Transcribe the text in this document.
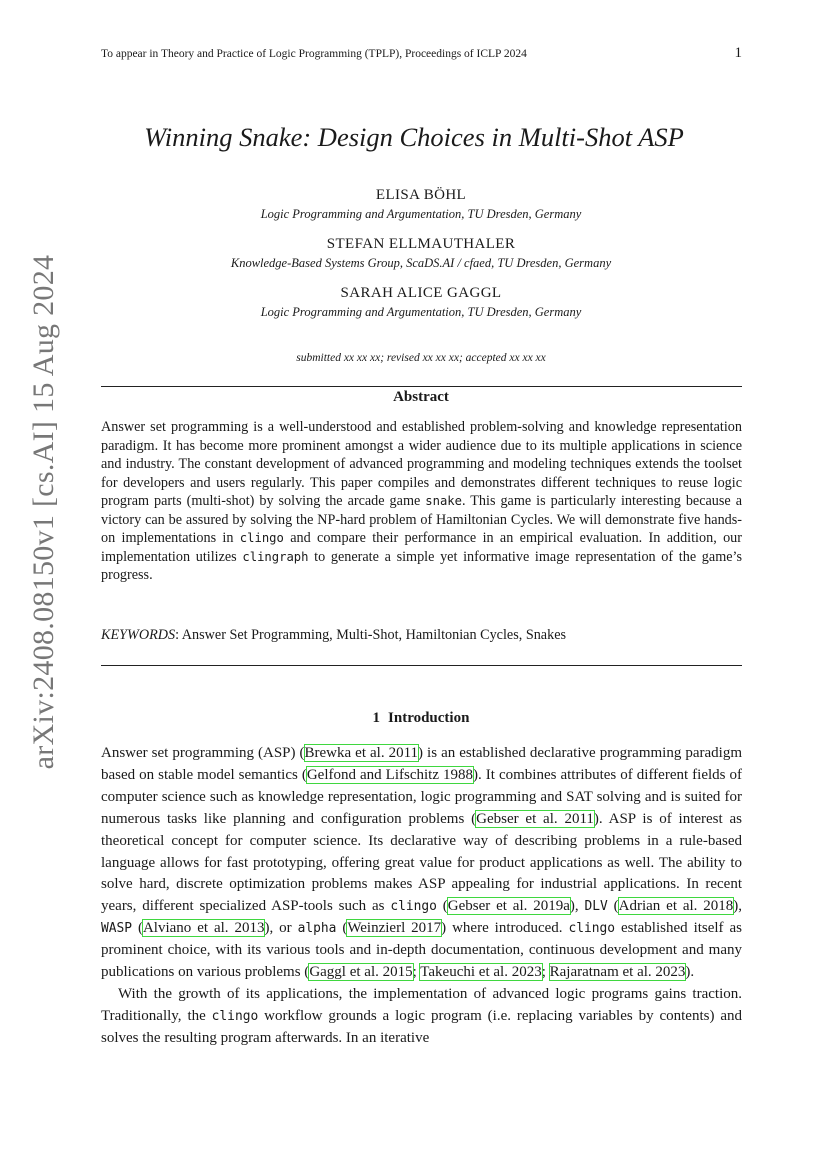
To appear in Theory and Practice of Logic Programming (TPLP), Proceedings of ICLP 2024	1
arXiv:2408.08150v1 [cs.AI] 15 Aug 2024
Winning Snake: Design Choices in Multi-Shot ASP
ELISA BÖHL
Logic Programming and Argumentation, TU Dresden, Germany
STEFAN ELLMAUTHALER
Knowledge-Based Systems Group, ScaDS.AI / cfaed, TU Dresden, Germany
SARAH ALICE GAGGL
Logic Programming and Argumentation, TU Dresden, Germany
submitted xx xx xx; revised xx xx xx; accepted xx xx xx
Abstract
Answer set programming is a well-understood and established problem-solving and knowledge representation paradigm. It has become more prominent amongst a wider audience due to its multiple applications in science and industry. The constant development of advanced programming and modeling techniques extends the toolset for developers and users regularly. This paper compiles and demonstrates different techniques to reuse logic program parts (multi-shot) by solving the arcade game snake. This game is particularly interesting because a victory can be assured by solving the NP-hard problem of Hamiltonian Cycles. We will demonstrate five hands-on implementations in clingo and compare their performance in an empirical evaluation. In addition, our implementation utilizes clingraph to generate a simple yet informative image representation of the game’s progress.
KEYWORDS: Answer Set Programming, Multi-Shot, Hamiltonian Cycles, Snakes
1 Introduction

Answer set programming (ASP) (Brewka et al. 2011) is an established declarative programming paradigm based on stable model semantics (Gelfond and Lifschitz 1988). It combines attributes of different fields of computer science such as knowledge representation, logic programming and SAT solving and is suited for numerous tasks like planning and configuration problems (Gebser et al. 2011). ASP is of interest as theoretical concept for computer science. Its declarative way of describing problems in a rule-based language allows for fast prototyping, offering great value for product applications as well. The ability to solve hard, discrete optimization problems makes ASP appealing for industrial applications. In recent years, different specialized ASP-tools such as clingo (Gebser et al. 2019a), DLV (Adrian et al. 2018), WASP (Alviano et al. 2013), or alpha (Weinzierl 2017) where introduced. clingo established itself as prominent choice, with its various tools and in-depth documentation, continuous development and many publications on various problems (Gaggl et al. 2015; Takeuchi et al. 2023; Rajaratnam et al. 2023).

With the growth of its applications, the implementation of advanced logic programs gains traction. Traditionally, the clingo workflow grounds a logic program (i.e. replacing variables by contents) and solves the resulting program afterwards. In an iterative
